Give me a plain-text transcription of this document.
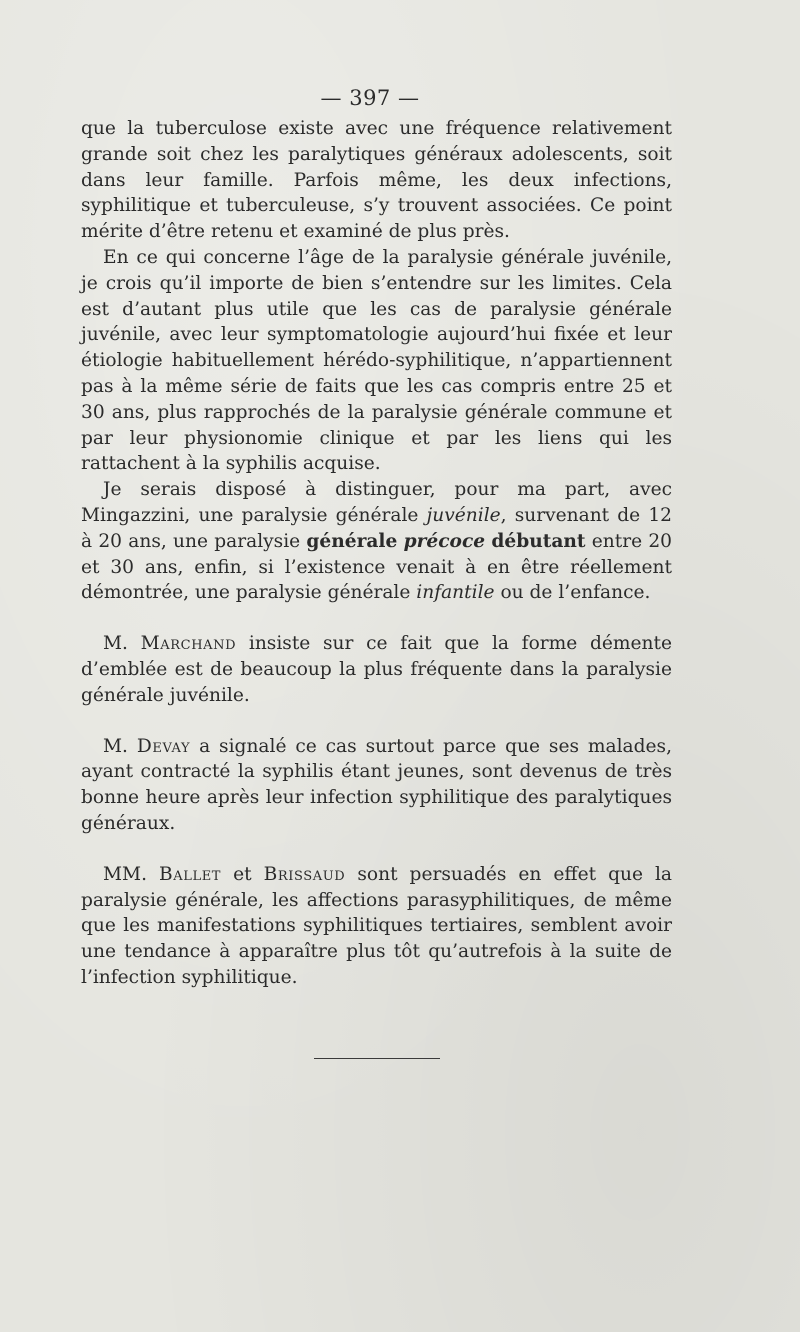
— 397 —

que la tuberculose existe avec une fréquence relativement grande soit chez les paralytiques généraux adolescents, soit dans leur famille. Parfois même, les deux infections, syphilitique et tuberculeuse, s’y trouvent associées. Ce point mérite d’être retenu et examiné de plus près.

En ce qui concerne l’âge de la paralysie générale juvénile, je crois qu’il importe de bien s’entendre sur les limites. Cela est d’autant plus utile que les cas de paralysie générale juvénile, avec leur symptomatologie aujourd’hui fixée et leur étiologie habituellement hérédo-syphilitique, n’appartiennent pas à la même série de faits que les cas compris entre 25 et 30 ans, plus rapprochés de la paralysie générale commune et par leur physionomie clinique et par les liens qui les rattachent à la syphilis acquise.

Je serais disposé à distinguer, pour ma part, avec Mingazzini, une paralysie générale juvénile, survenant de 12 à 20 ans, une paralysie générale précoce débutant entre 20 et 30 ans, enfin, si l’existence venait à en être réellement démontrée, une paralysie générale infantile ou de l’enfance.

M. Marchand insiste sur ce fait que la forme démente d’emblée est de beaucoup la plus fréquente dans la paralysie générale juvénile.

M. Devay a signalé ce cas surtout parce que ses malades, ayant contracté la syphilis étant jeunes, sont devenus de très bonne heure après leur infection syphilitique des paralytiques généraux.

MM. Ballet et Brissaud sont persuadés en effet que la paralysie générale, les affections parasyphilitiques, de même que les manifestations syphilitiques tertiaires, semblent avoir une tendance à apparaître plus tôt qu’autrefois à la suite de l’infection syphilitique.
